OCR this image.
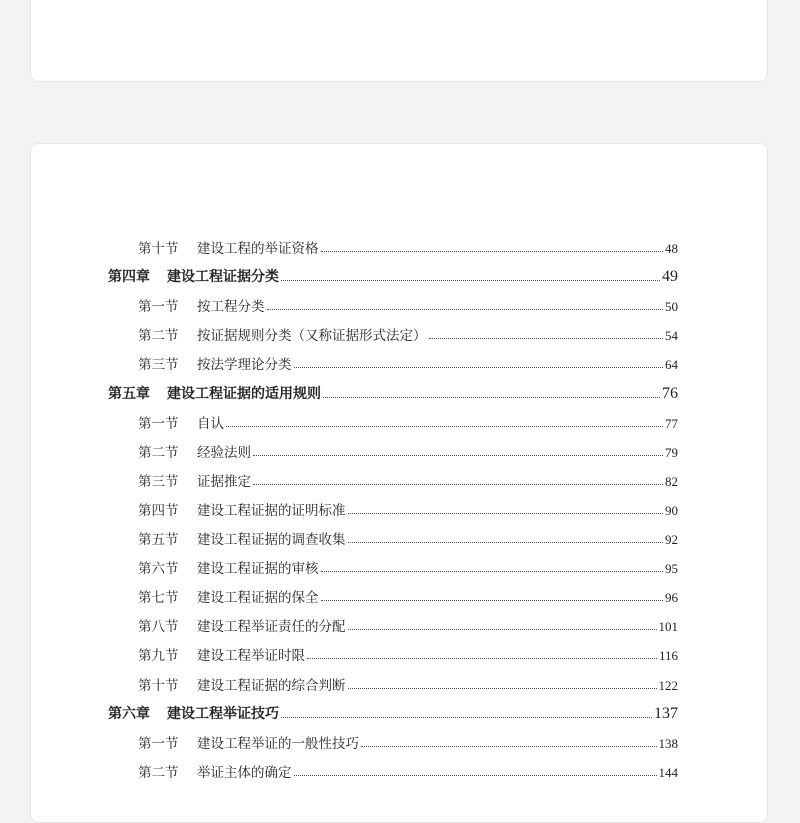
第十节	建设工程的举证资格	48
第四章	建设工程证据分类	49
第一节	按工程分类	50
第二节	按证据规则分类（又称证据形式法定）	54
第三节	按法学理论分类	64
第五章	建设工程证据的适用规则	76
第一节	自认	77
第二节	经验法则	79
第三节	证据推定	82
第四节	建设工程证据的证明标准	90
第五节	建设工程证据的调查收集	92
第六节	建设工程证据的审核	95
第七节	建设工程证据的保全	96
第八节	建设工程举证责任的分配	101
第九节	建设工程举证时限	116
第十节	建设工程证据的综合判断	122
第六章	建设工程举证技巧	137
第一节	建设工程举证的一般性技巧	138
第二节	举证主体的确定	144
